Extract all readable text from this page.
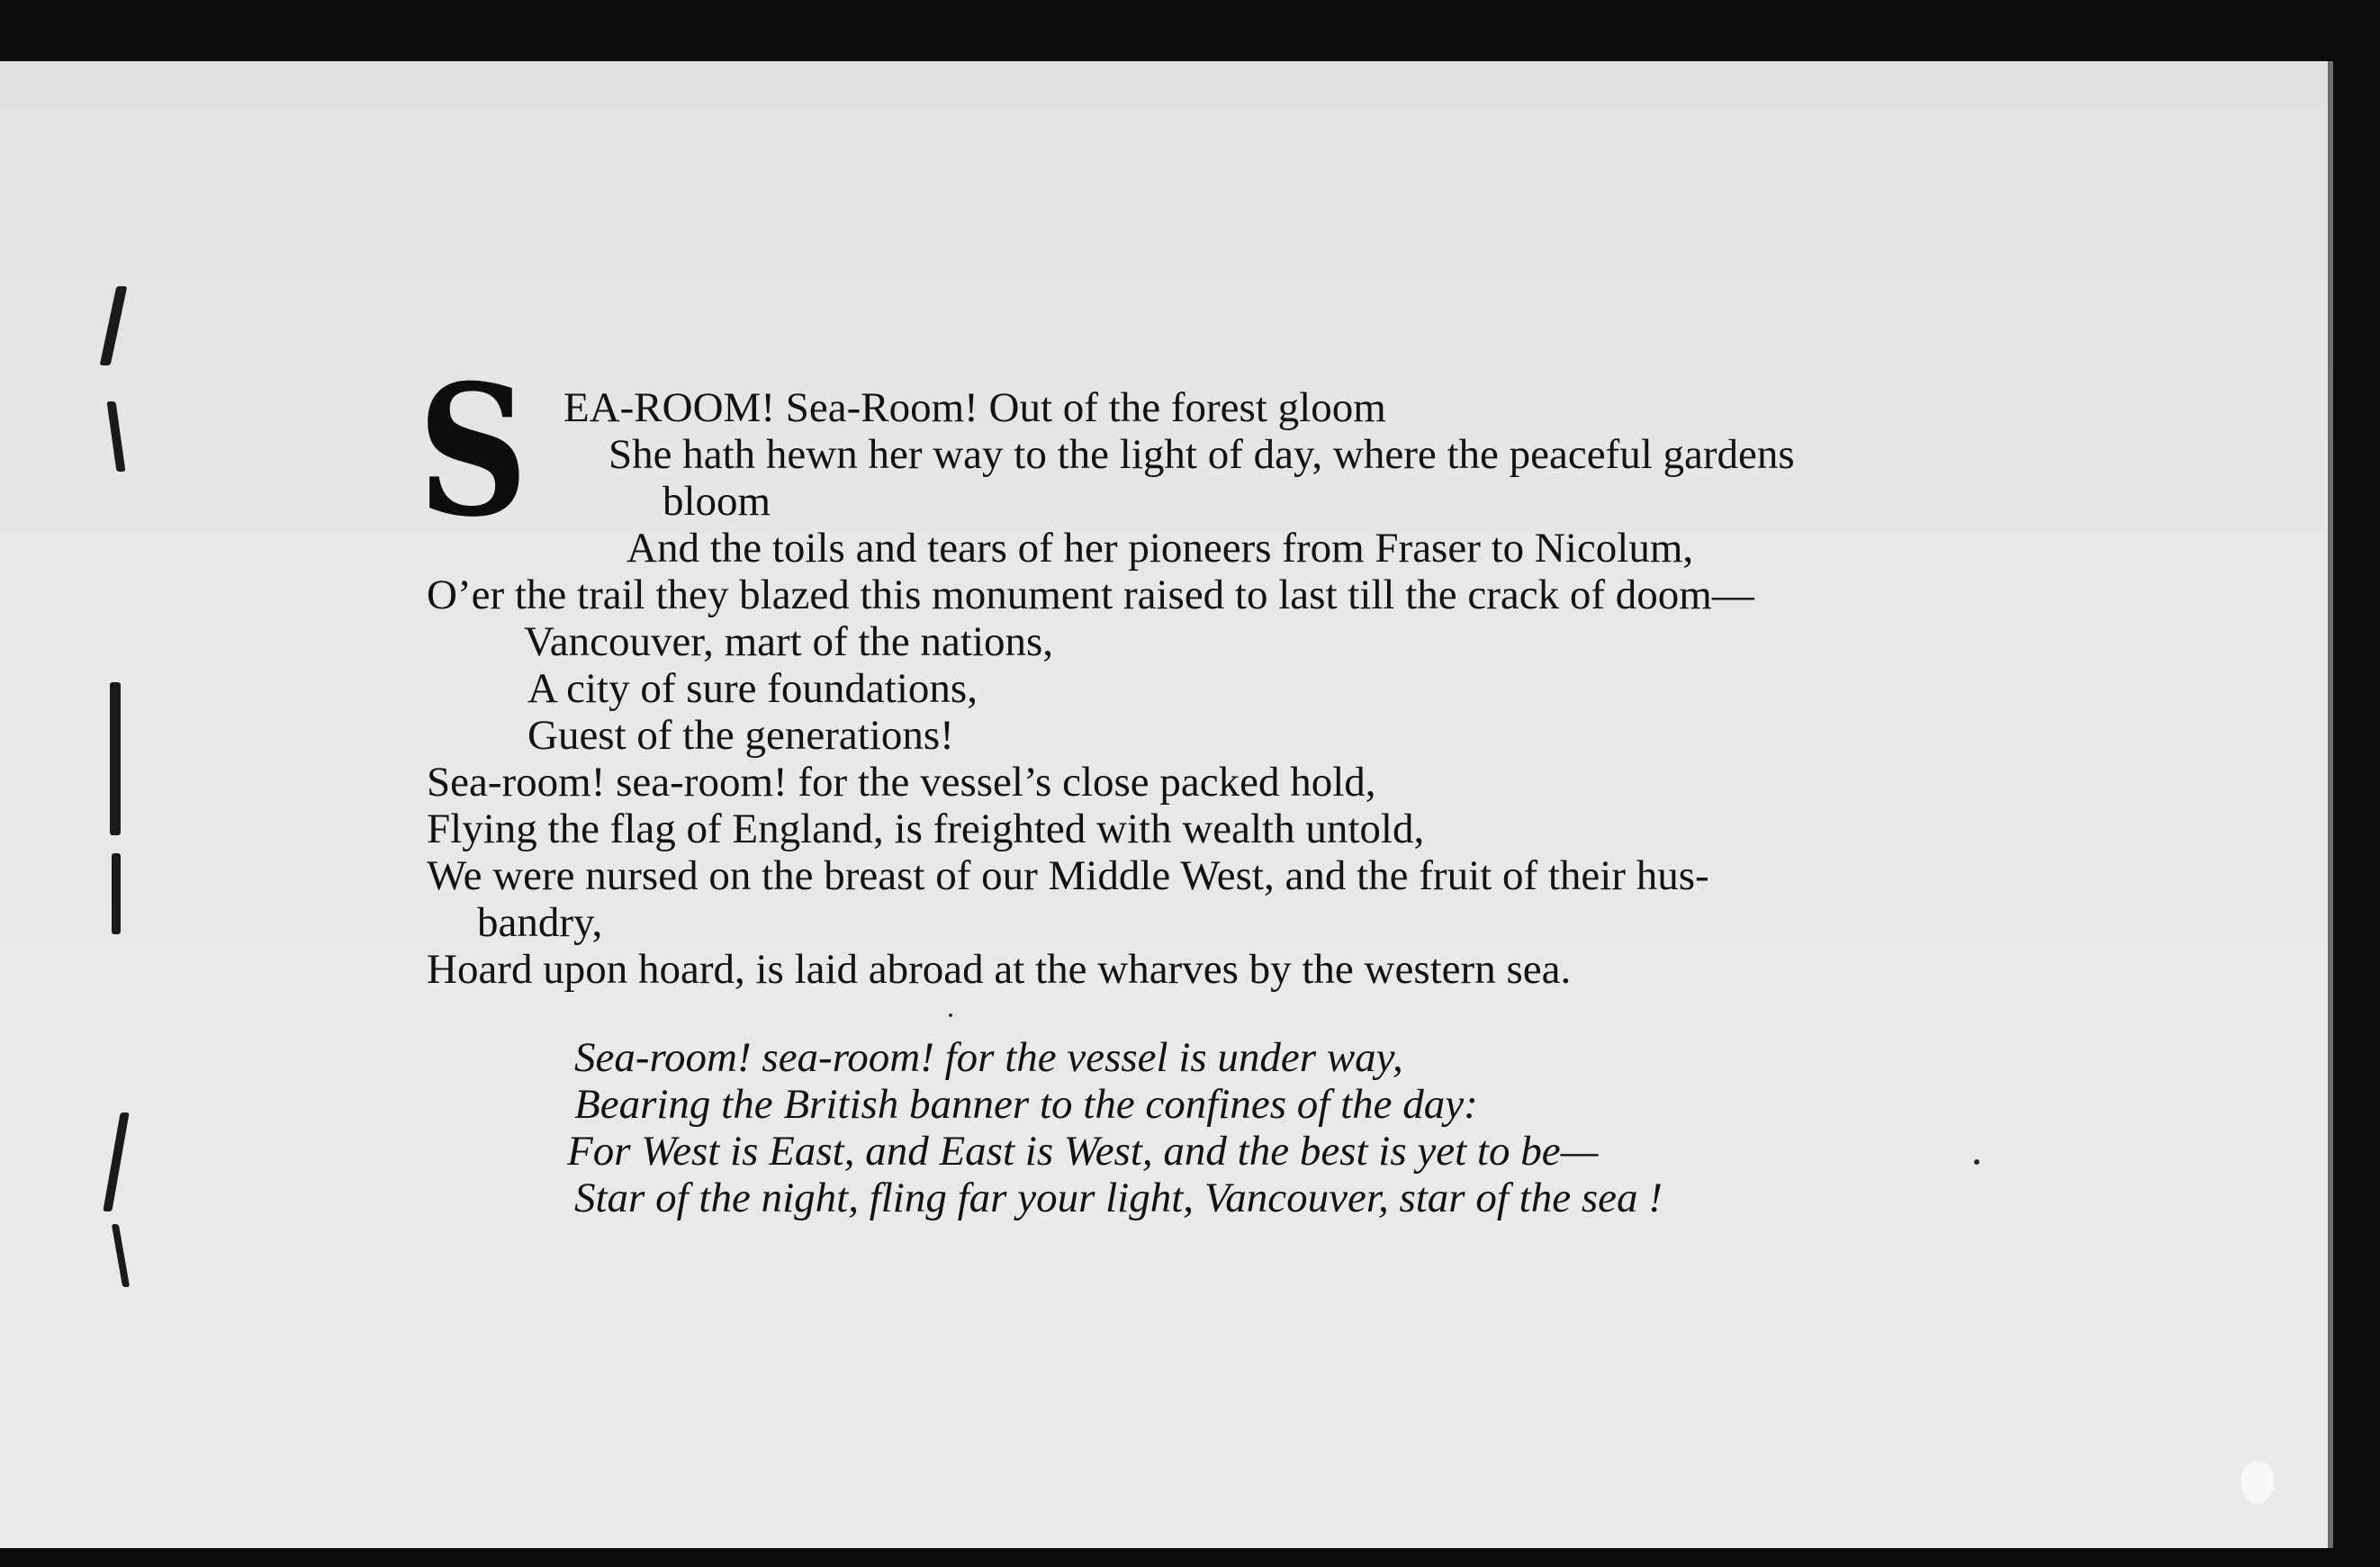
S EA-ROOM! Sea-Room! Out of the forest gloom
She hath hewn her way to the light of day, where the peaceful gardens
bloom
And the toils and tears of her pioneers from Fraser to Nicolum,
O’er the trail they blazed this monument raised to last till the crack of doom—
Vancouver, mart of the nations,
A city of sure foundations,
Guest of the generations!
Sea-room! sea-room! for the vessel’s close packed hold,
Flying the flag of England, is freighted with wealth untold,
We were nursed on the breast of our Middle West, and the fruit of their hus-
bandry,
Hoard upon hoard, is laid abroad at the wharves by the western sea.
Sea-room! sea-room! for the vessel is under way,
Bearing the British banner to the confines of the day:
For West is East, and East is West, and the best is yet to be—
Star of the night, fling far your light, Vancouver, star of the sea !
